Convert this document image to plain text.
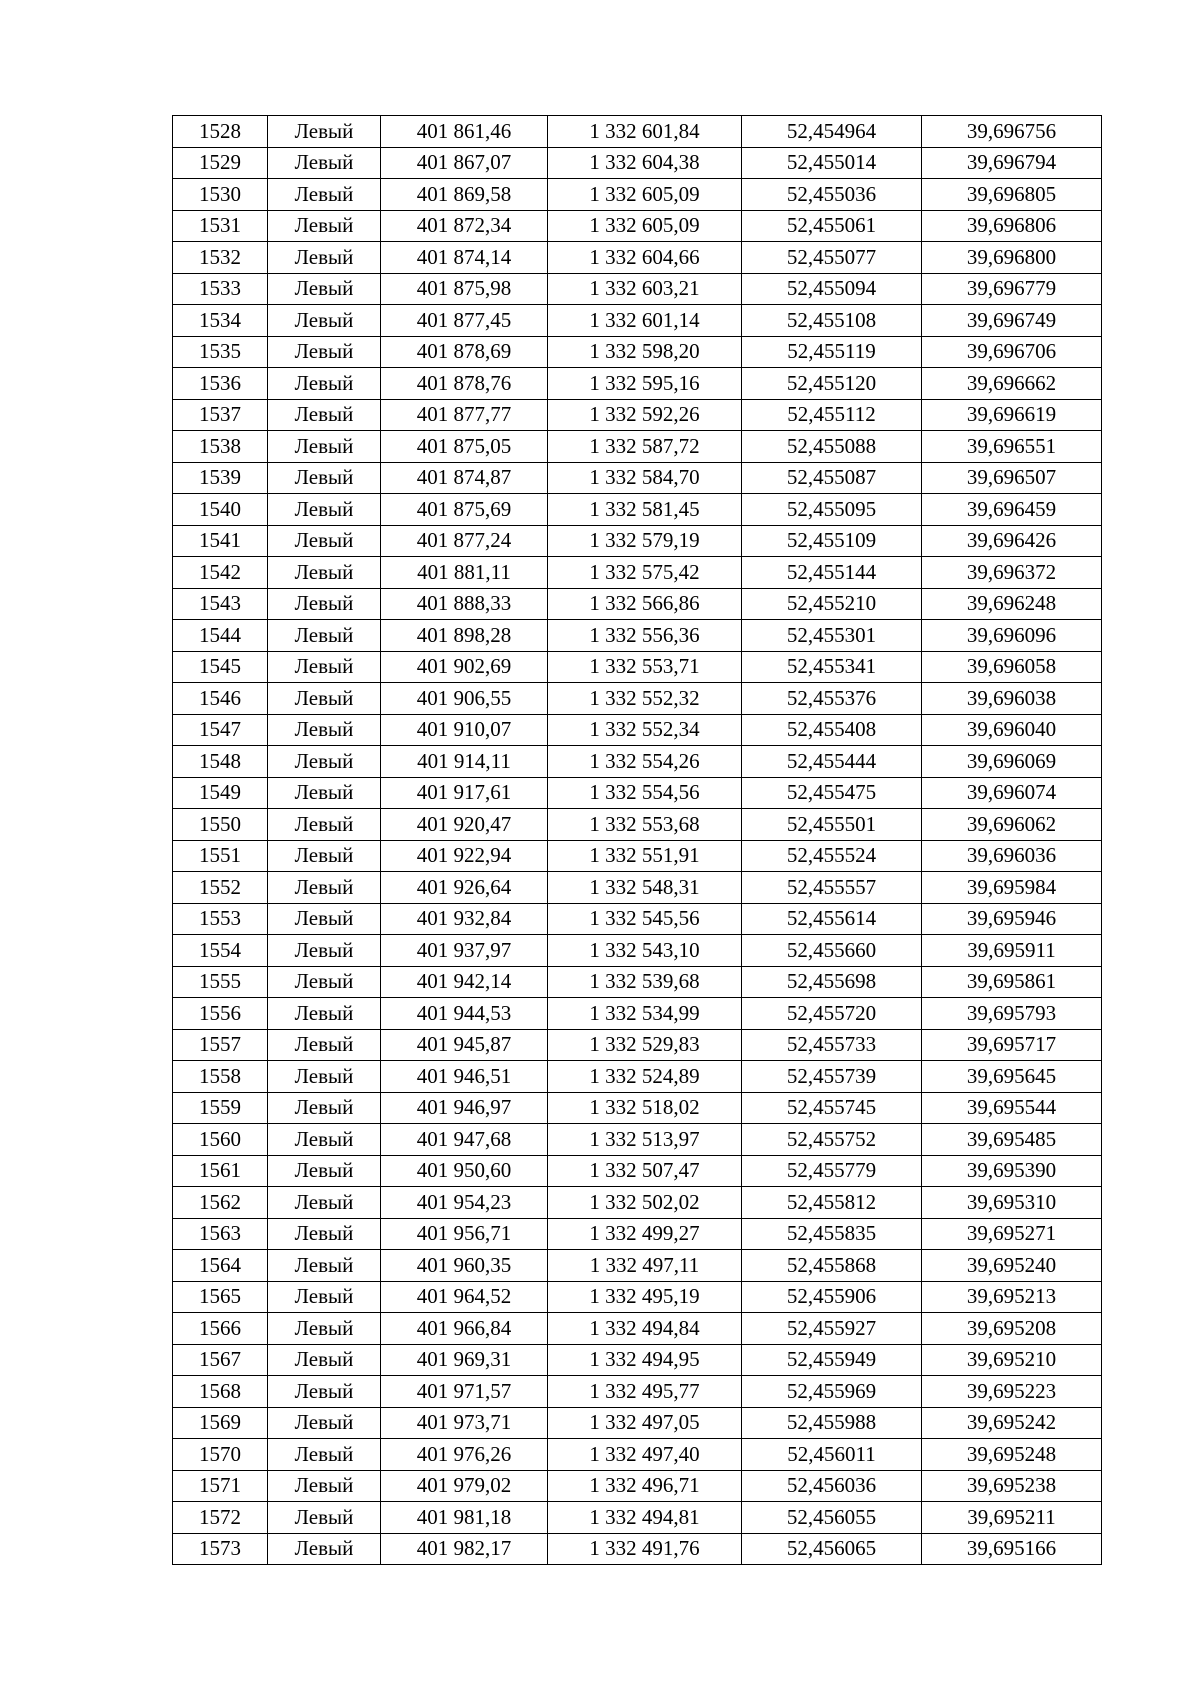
1528	Левый	401 861,46	1 332 601,84	52,454964	39,696756
1529	Левый	401 867,07	1 332 604,38	52,455014	39,696794
1530	Левый	401 869,58	1 332 605,09	52,455036	39,696805
1531	Левый	401 872,34	1 332 605,09	52,455061	39,696806
1532	Левый	401 874,14	1 332 604,66	52,455077	39,696800
1533	Левый	401 875,98	1 332 603,21	52,455094	39,696779
1534	Левый	401 877,45	1 332 601,14	52,455108	39,696749
1535	Левый	401 878,69	1 332 598,20	52,455119	39,696706
1536	Левый	401 878,76	1 332 595,16	52,455120	39,696662
1537	Левый	401 877,77	1 332 592,26	52,455112	39,696619
1538	Левый	401 875,05	1 332 587,72	52,455088	39,696551
1539	Левый	401 874,87	1 332 584,70	52,455087	39,696507
1540	Левый	401 875,69	1 332 581,45	52,455095	39,696459
1541	Левый	401 877,24	1 332 579,19	52,455109	39,696426
1542	Левый	401 881,11	1 332 575,42	52,455144	39,696372
1543	Левый	401 888,33	1 332 566,86	52,455210	39,696248
1544	Левый	401 898,28	1 332 556,36	52,455301	39,696096
1545	Левый	401 902,69	1 332 553,71	52,455341	39,696058
1546	Левый	401 906,55	1 332 552,32	52,455376	39,696038
1547	Левый	401 910,07	1 332 552,34	52,455408	39,696040
1548	Левый	401 914,11	1 332 554,26	52,455444	39,696069
1549	Левый	401 917,61	1 332 554,56	52,455475	39,696074
1550	Левый	401 920,47	1 332 553,68	52,455501	39,696062
1551	Левый	401 922,94	1 332 551,91	52,455524	39,696036
1552	Левый	401 926,64	1 332 548,31	52,455557	39,695984
1553	Левый	401 932,84	1 332 545,56	52,455614	39,695946
1554	Левый	401 937,97	1 332 543,10	52,455660	39,695911
1555	Левый	401 942,14	1 332 539,68	52,455698	39,695861
1556	Левый	401 944,53	1 332 534,99	52,455720	39,695793
1557	Левый	401 945,87	1 332 529,83	52,455733	39,695717
1558	Левый	401 946,51	1 332 524,89	52,455739	39,695645
1559	Левый	401 946,97	1 332 518,02	52,455745	39,695544
1560	Левый	401 947,68	1 332 513,97	52,455752	39,695485
1561	Левый	401 950,60	1 332 507,47	52,455779	39,695390
1562	Левый	401 954,23	1 332 502,02	52,455812	39,695310
1563	Левый	401 956,71	1 332 499,27	52,455835	39,695271
1564	Левый	401 960,35	1 332 497,11	52,455868	39,695240
1565	Левый	401 964,52	1 332 495,19	52,455906	39,695213
1566	Левый	401 966,84	1 332 494,84	52,455927	39,695208
1567	Левый	401 969,31	1 332 494,95	52,455949	39,695210
1568	Левый	401 971,57	1 332 495,77	52,455969	39,695223
1569	Левый	401 973,71	1 332 497,05	52,455988	39,695242
1570	Левый	401 976,26	1 332 497,40	52,456011	39,695248
1571	Левый	401 979,02	1 332 496,71	52,456036	39,695238
1572	Левый	401 981,18	1 332 494,81	52,456055	39,695211
1573	Левый	401 982,17	1 332 491,76	52,456065	39,695166
